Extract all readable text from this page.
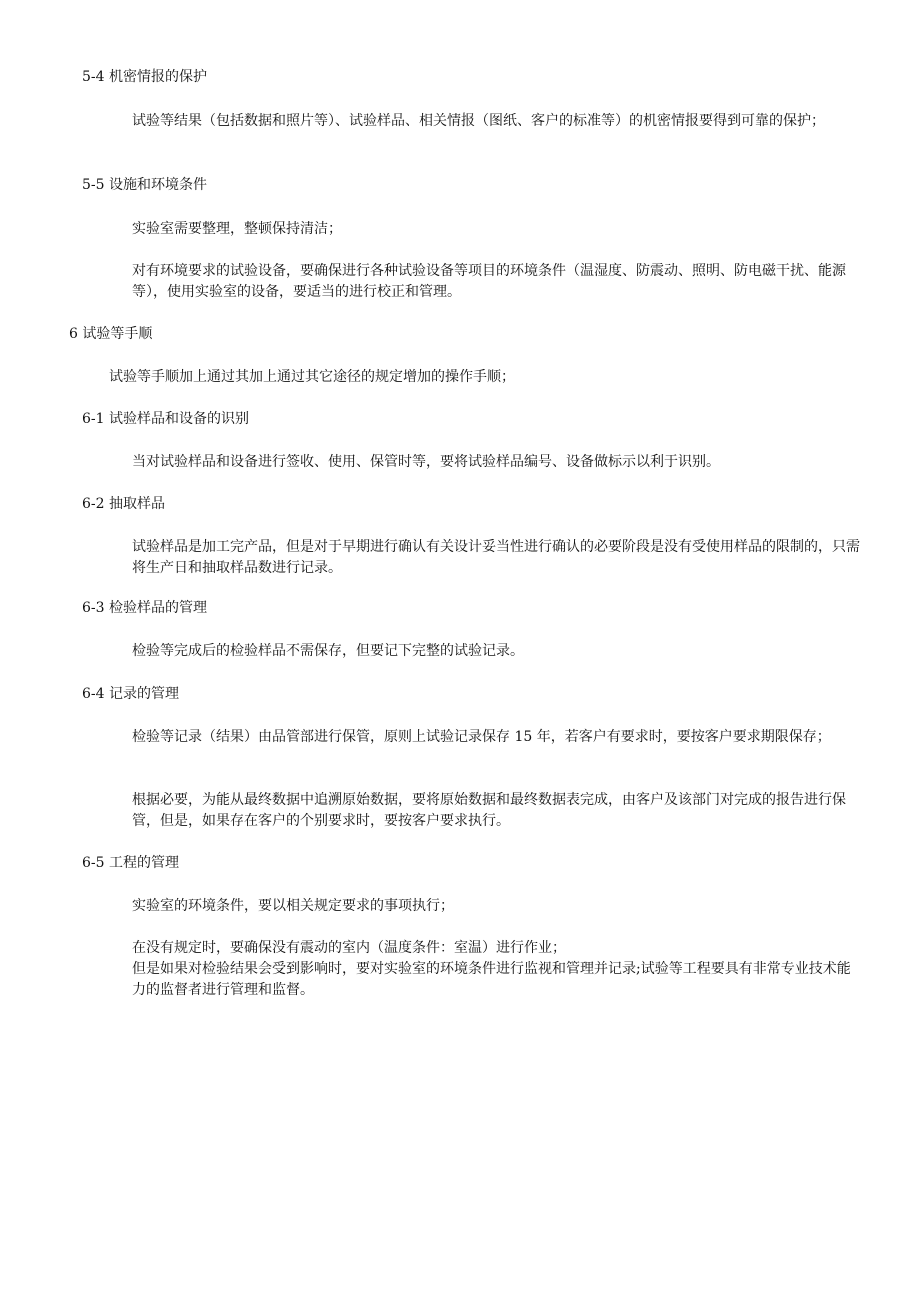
5-4 机密情报的保护

试验等结果（包括数据和照片等）、试验样品、相关情报（图纸、客户的标准等）的机密情报要得到可靠的保护；

5-5 设施和环境条件

实验室需要整理，整顿保持清洁；

对有环境要求的试验设备，要确保进行各种试验设备等项目的环境条件（温湿度、防震动、照明、防电磁干扰、能源等），使用实验室的设备，要适当的进行校正和管理。

6 试验等手顺

试验等手顺加上通过其加上通过其它途径的规定增加的操作手顺；

6-1 试验样品和设备的识别

当对试验样品和设备进行签收、使用、保管时等，要将试验样品编号、设备做标示以利于识别。

6-2 抽取样品

试验样品是加工完产品，但是对于早期进行确认有关设计妥当性进行确认的必要阶段是没有受使用样品的限制的，只需将生产日和抽取样品数进行记录。

6-3 检验样品的管理

检验等完成后的检验样品不需保存，但要记下完整的试验记录。

6-4 记录的管理

检验等记录（结果）由品管部进行保管，原则上试验记录保存 15 年，若客户有要求时，要按客户要求期限保存；

根据必要，为能从最终数据中追溯原始数据，要将原始数据和最终数据表完成，由客户及该部门对完成的报告进行保管，但是，如果存在客户的个别要求时，要按客户要求执行。

6-5 工程的管理

实验室的环境条件，要以相关规定要求的事项执行；

在没有规定时，要确保没有震动的室内（温度条件：室温）进行作业；

但是如果对检验结果会受到影响时，要对实验室的环境条件进行监视和管理并记录;试验等工程要具有非常专业技术能力的监督者进行管理和监督。
